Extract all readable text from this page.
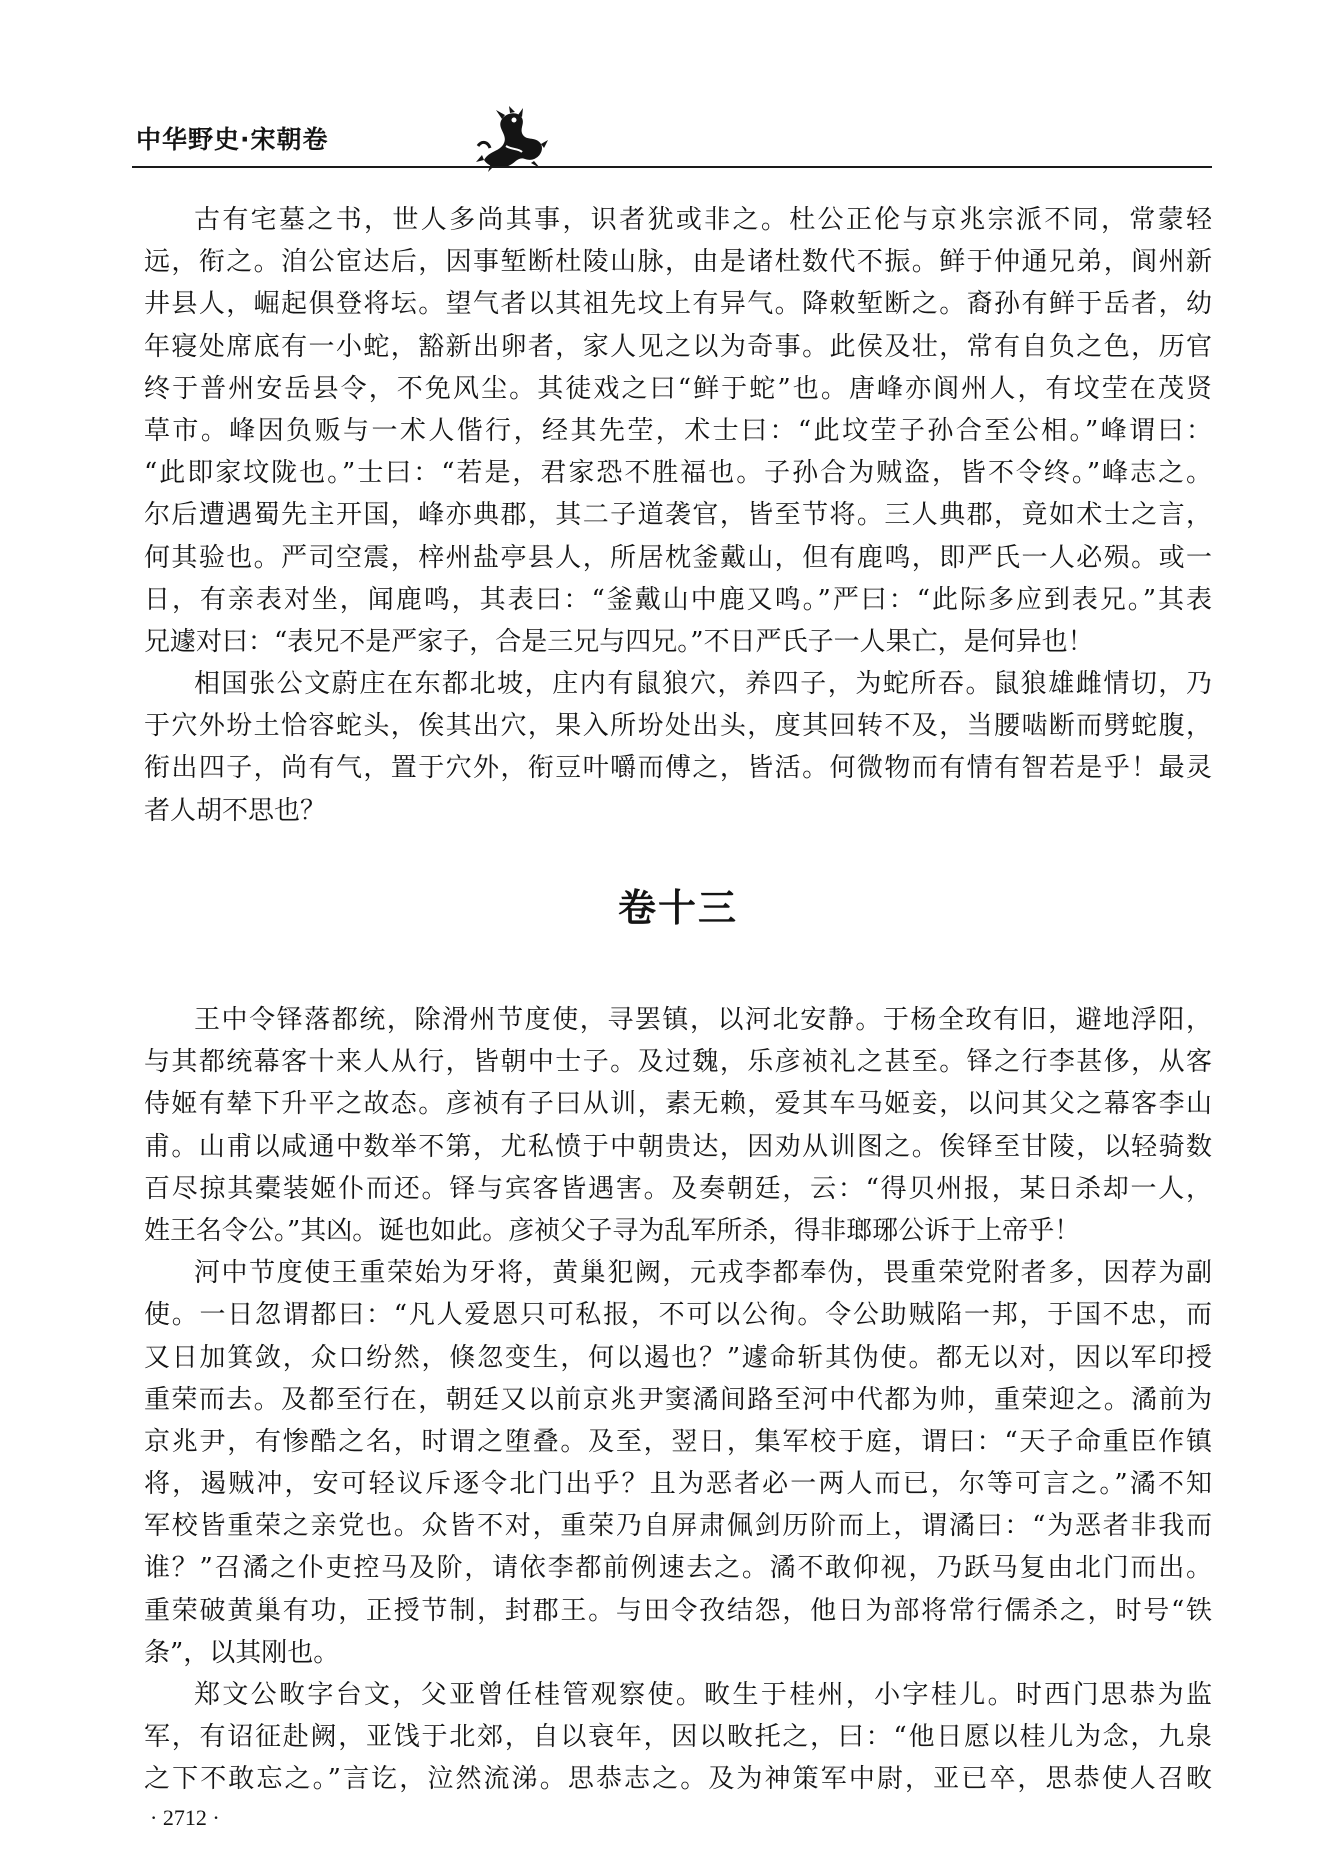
中华野史·宋朝卷
古有宅墓之书，世人多尚其事，识者犹或非之。杜公正伦与京兆宗派不同，常蒙轻
远，衔之。洎公宦达后，因事堑断杜陵山脉，由是诸杜数代不振。鲜于仲通兄弟，阆州新
井县人，崛起俱登将坛。望气者以其祖先坟上有异气。降敕堑断之。裔孙有鲜于岳者，幼
年寝处席底有一小蛇，豁新出卵者，家人见之以为奇事。此侯及壮，常有自负之色，历官
终于普州安岳县令，不免风尘。其徒戏之曰“鲜于蛇”也。唐峰亦阆州人，有坟茔在茂贤
草市。峰因负贩与一术人偕行，经其先茔，术士曰：“此坟茔子孙合至公相。”峰谓曰：
“此即家坟陇也。”士曰：“若是，君家恐不胜福也。子孙合为贼盗，皆不令终。”峰志之。
尔后遭遇蜀先主开国，峰亦典郡，其二子道袭官，皆至节将。三人典郡，竟如术士之言，
何其验也。严司空震，梓州盐亭县人，所居枕釜戴山，但有鹿鸣，即严氏一人必殒。或一
日，有亲表对坐，闻鹿鸣，其表曰：“釜戴山中鹿又鸣。”严曰：“此际多应到表兄。”其表
兄遽对曰：“表兄不是严家子，合是三兄与四兄。”不日严氏子一人果亡，是何异也！
相国张公文蔚庄在东都北坡，庄内有鼠狼穴，养四子，为蛇所吞。鼠狼雄雌情切，乃
于穴外坋土恰容蛇头，俟其出穴，果入所坋处出头，度其回转不及，当腰啮断而劈蛇腹，
衔出四子，尚有气，置于穴外，衔豆叶嚼而傅之，皆活。何微物而有情有智若是乎！最灵
者人胡不思也？
卷十三
王中令铎落都统，除滑州节度使，寻罢镇，以河北安静。于杨全玫有旧，避地浮阳，
与其都统幕客十来人从行，皆朝中士子。及过魏，乐彦祯礼之甚至。铎之行李甚侈，从客
侍姬有辇下升平之故态。彦祯有子曰从训，素无赖，爱其车马姬妾，以问其父之幕客李山
甫。山甫以咸通中数举不第，尤私愤于中朝贵达，因劝从训图之。俟铎至甘陵，以轻骑数
百尽掠其橐装姬仆而还。铎与宾客皆遇害。及奏朝廷，云：“得贝州报，某日杀却一人，
姓王名令公。”其凶。诞也如此。彦祯父子寻为乱军所杀，得非瑯琊公诉于上帝乎！
河中节度使王重荣始为牙将，黄巢犯阙，元戎李都奉伪，畏重荣党附者多，因荐为副
使。一日忽谓都曰：“凡人爱恩只可私报，不可以公徇。令公助贼陷一邦，于国不忠，而
又日加箕敛，众口纷然，倏忽变生，何以遏也？”遽命斩其伪使。都无以对，因以军印授
重荣而去。及都至行在，朝廷又以前京兆尹窦潏间路至河中代都为帅，重荣迎之。潏前为
京兆尹，有惨酷之名，时谓之堕叠。及至，翌日，集军校于庭，谓曰：“天子命重臣作镇
将，遏贼冲，安可轻议斥逐令北门出乎？且为恶者必一两人而已，尔等可言之。”潏不知
军校皆重荣之亲党也。众皆不对，重荣乃自屏肃佩剑历阶而上，谓潏曰：“为恶者非我而
谁？”召潏之仆吏控马及阶，请依李都前例速去之。潏不敢仰视，乃跃马复由北门而出。
重荣破黄巢有功，正授节制，封郡王。与田令孜结怨，他日为部将常行儒杀之，时号“铁
条”，以其刚也。
郑文公畋字台文，父亚曾任桂管观察使。畋生于桂州，小字桂儿。时西门思恭为监
军，有诏征赴阙，亚饯于北郊，自以衰年，因以畋托之，曰：“他日愿以桂儿为念，九泉
之下不敢忘之。”言讫，泣然流涕。思恭志之。及为神策军中尉，亚已卒，思恭使人召畋
· 2712 ·
